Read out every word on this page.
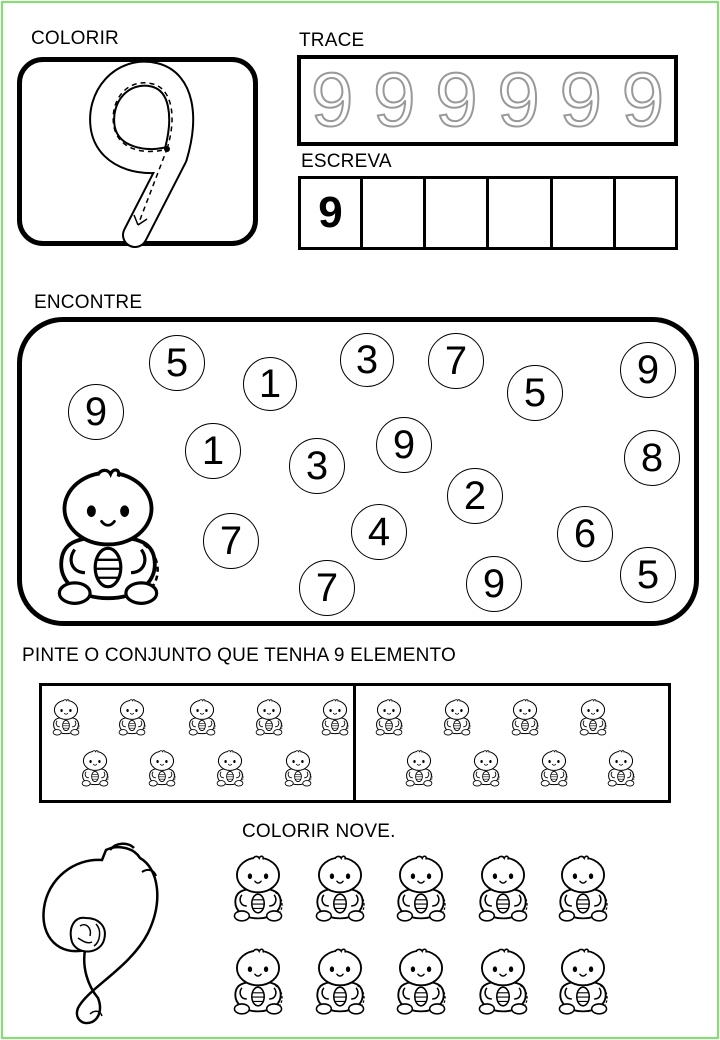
COLORIR	TRACE
9 9 9 9 9 9
ESCREVA
9
ENCONTRE
5	1
3	7	9
9
1
5
9
3	8
2
7	4	6
7	9	5
PINTE O CONJUNTO QUE TENHA 9 ELEMENTO
COLORIR NOVE.
